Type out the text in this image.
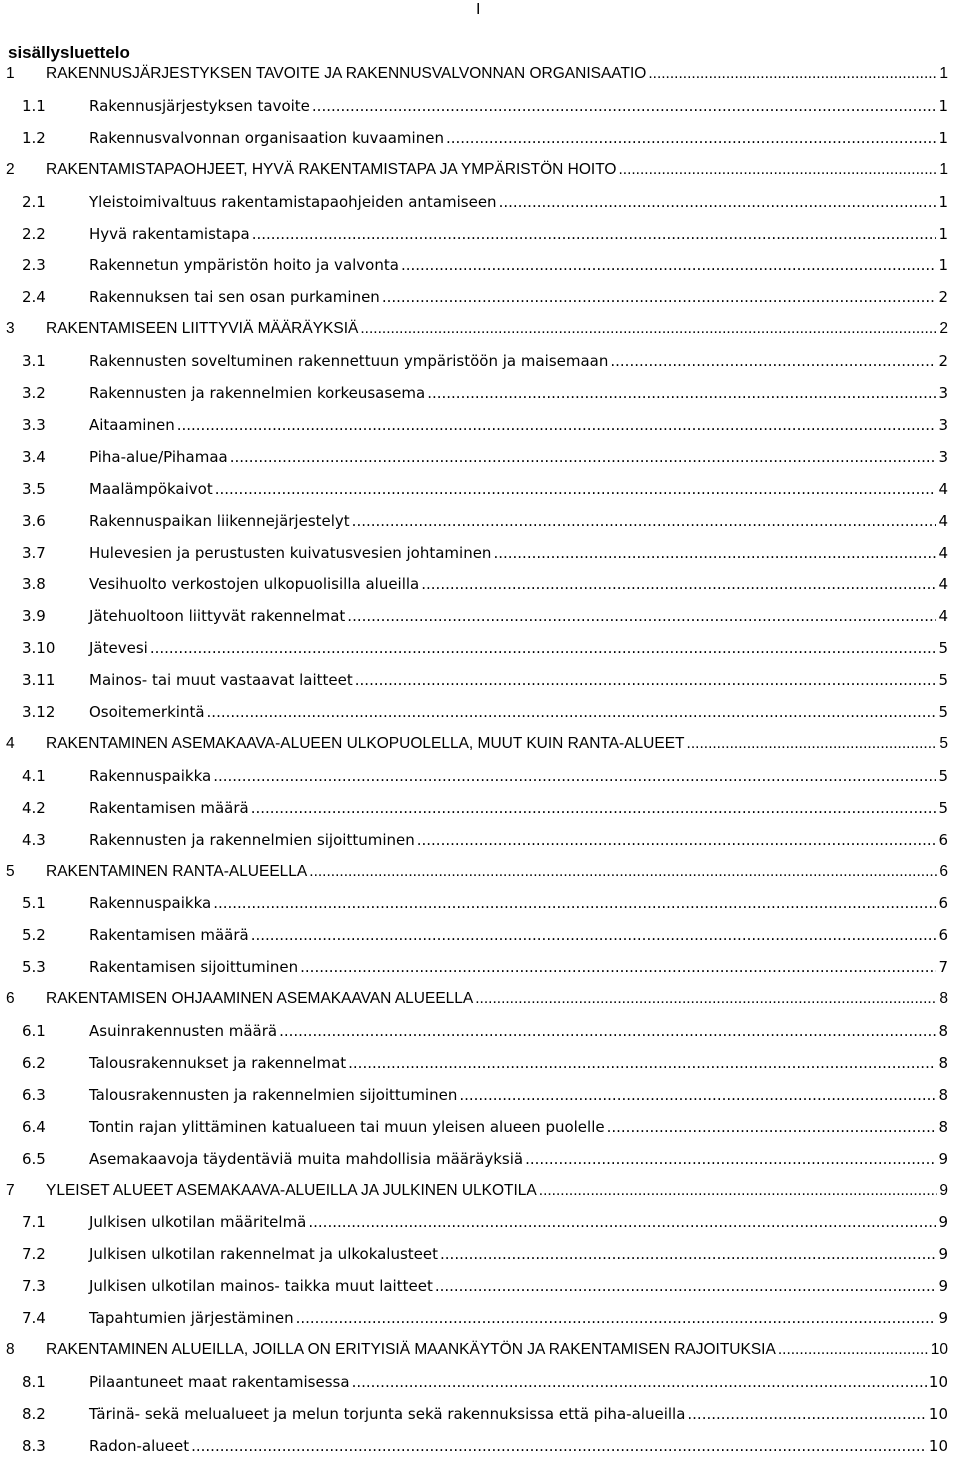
I
sisällysluettelo
1 RAKENNUSJÄRJESTYKSEN TAVOITE JA RAKENNUSVALVONNAN ORGANISAATIO .....	1
1.1	Rakennusjärjestyksen tavoite .....	1
1.2	Rakennusvalvonnan organisaation kuvaaminen .....	1
2 RAKENTAMISTAPAOHJEET, HYVÄ RAKENTAMISTAPA JA YMPÄRISTÖN HOITO .....	1
2.1	Yleistoimivaltuus rakentamistapaohjeiden antamiseen .....	1
2.2	Hyvä rakentamistapa .....	1
2.3	Rakennetun ympäristön hoito ja valvonta .....	1
2.4	Rakennuksen tai sen osan purkaminen .....	2
3 RAKENTAMISEEN LIITTYVIÄ MÄÄRÄYKSIÄ .....	2
3.1	Rakennusten soveltuminen rakennettuun ympäristöön ja maisemaan .....	2
3.2	Rakennusten ja rakennelmien korkeusasema .....	3
3.3	Aitaaminen .....	3
3.4	Piha-alue/Pihamaa .....	3
3.5	Maalämpökaivot .....	4
3.6	Rakennuspaikan liikennejärjestelyt .....	4
3.7	Hulevesien ja perustusten kuivatusvesien johtaminen .....	4
3.8	Vesihuolto verkostojen ulkopuolisilla alueilla .....	4
3.9	Jätehuoltoon liittyvät rakennelmat .....	4
3.10 Jätevesi .....	5
3.11 Mainos- tai muut vastaavat laitteet .....	5
3.12 Osoitemerkintä .....	5
4 RAKENTAMINEN ASEMAKAAVA-ALUEEN ULKOPUOLELLA, MUUT KUIN RANTA-ALUEET .....	5
4.1	Rakennuspaikka .....	5
4.2	Rakentamisen määrä .....	5
4.3	Rakennusten ja rakennelmien sijoittuminen .....	6
5 RAKENTAMINEN RANTA-ALUEELLA .....	6
5.1	Rakennuspaikka .....	6
5.2	Rakentamisen määrä .....	6
5.3	Rakentamisen sijoittuminen .....	7
6 RAKENTAMISEN OHJAAMINEN ASEMAKAAVAN ALUEELLA .....	8
6.1	Asuinrakennusten määrä .....	8
6.2	Talousrakennukset ja rakennelmat .....	8
6.3	Talousrakennusten ja rakennelmien sijoittuminen .....	8
6.4	Tontin rajan ylittäminen katualueen tai muun yleisen alueen puolelle .....	8
6.5	Asemakaavoja täydentäviä muita mahdollisia määräyksiä .....	9
7 YLEISET ALUEET ASEMAKAAVA-ALUEILLA JA JULKINEN ULKOTILA .....	9
7.1	Julkisen ulkotilan määritelmä .....	9
7.2	Julkisen ulkotilan rakennelmat ja ulkokalusteet .....	9
7.3	Julkisen ulkotilan mainos- taikka muut laitteet .....	9
7.4	Tapahtumien järjestäminen .....	9
8 RAKENTAMINEN ALUEILLA, JOILLA ON ERITYISIÄ MAANKÄYTÖN JA RAKENTAMISEN RAJOITUKSIA .....	10
8.1	Pilaantuneet maat rakentamisessa .....	10
8.2	Tärinä- sekä melualueet ja melun torjunta sekä rakennuksissa että piha-alueilla .....	10
8.3	Radon-alueet .....	10
